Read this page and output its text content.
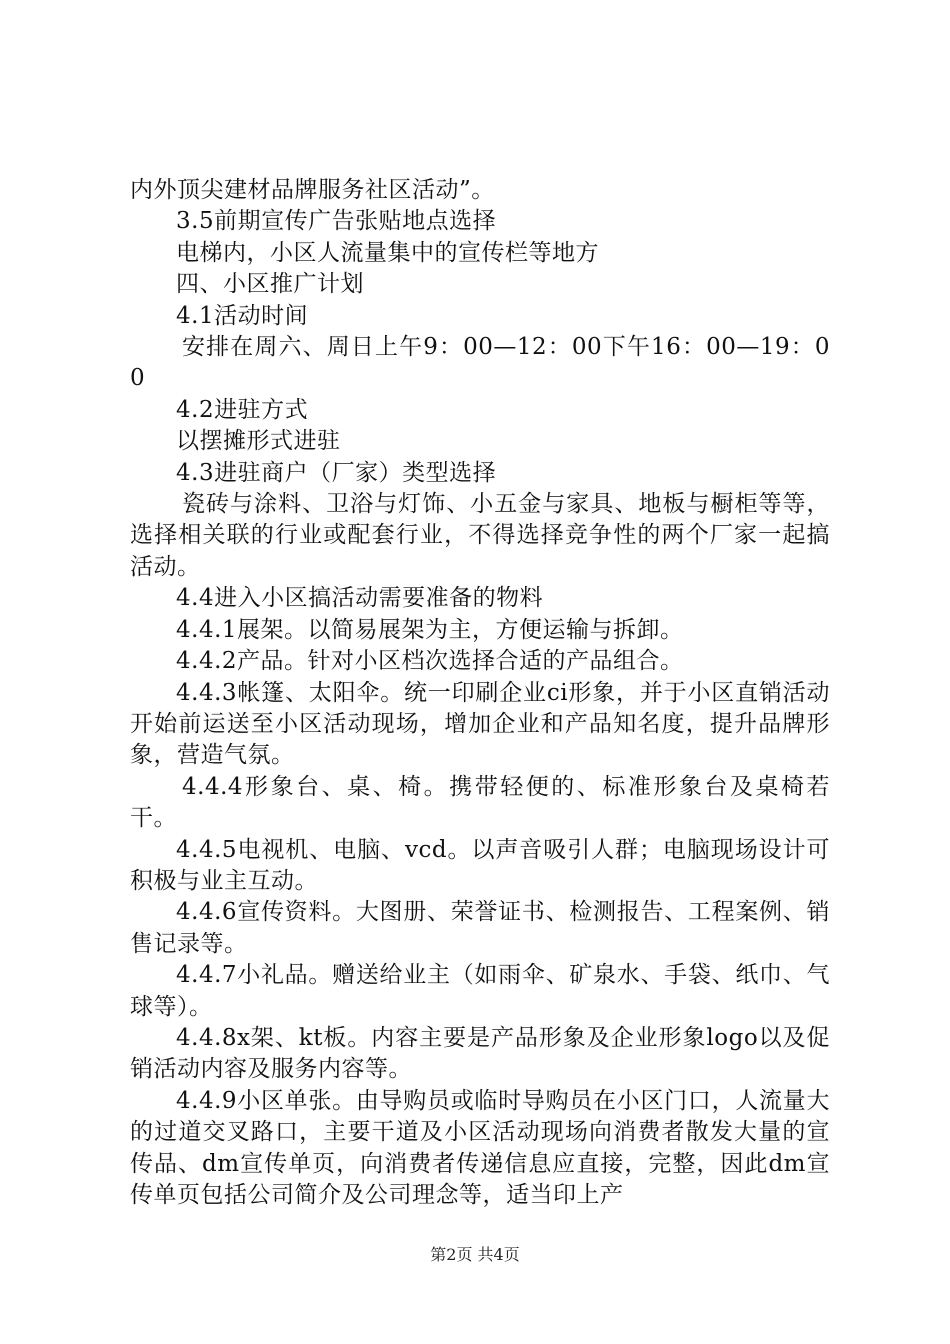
内外顶尖建材品牌服务社区活动”。

3.5前期宣传广告张贴地点选择

电梯内，小区人流量集中的宣传栏等地方

四、小区推广计划

4.1活动时间

安排在周六、周日上午9：00—12：00下午16：00—19：00

4.2进驻方式

以摆摊形式进驻

4.3进驻商户（厂家）类型选择

瓷砖与涂料、卫浴与灯饰、小五金与家具、地板与橱柜等等，选择相关联的行业或配套行业，不得选择竞争性的两个厂家一起搞活动。

4.4进入小区搞活动需要准备的物料

4.4.1展架。以简易展架为主，方便运输与拆卸。

4.4.2产品。针对小区档次选择合适的产品组合。

4.4.3帐篷、太阳伞。统一印刷企业ci形象，并于小区直销活动开始前运送至小区活动现场，增加企业和产品知名度，提升品牌形象，营造气氛。

4.4.4形象台、桌、椅。携带轻便的、标准形象台及桌椅若干。

4.4.5电视机、电脑、vcd。以声音吸引人群；电脑现场设计可积极与业主互动。

4.4.6宣传资料。大图册、荣誉证书、检测报告、工程案例、销售记录等。

4.4.7小礼品。赠送给业主（如雨伞、矿泉水、手袋、纸巾、气球等）。

4.4.8x架、kt板。内容主要是产品形象及企业形象logo以及促销活动内容及服务内容等。

4.4.9小区单张。由导购员或临时导购员在小区门口，人流量大的过道交叉路口，主要干道及小区活动现场向消费者散发大量的宣传品、dm宣传单页，向消费者传递信息应直接，完整，因此dm宣传单页包括公司简介及公司理念等，适当印上产

第2页 共4页
